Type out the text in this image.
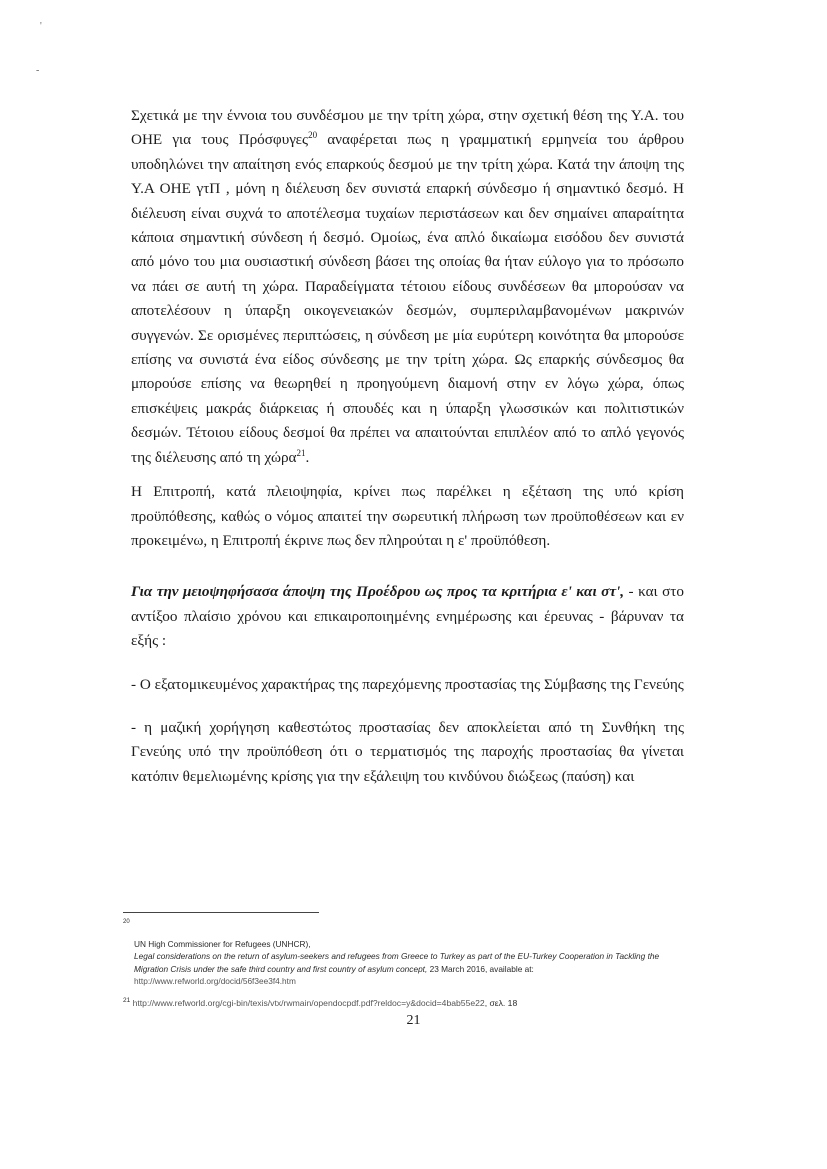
'
-

Σχετικά με την έννοια του συνδέσμου με την τρίτη χώρα, στην σχετική θέση της Υ.Α. του ΟΗΕ για τους Πρόσφυγες$^{20}$ αναφέρεται πως η γραμματική ερμηνεία του άρθρου υποδηλώνει την απαίτηση ενός επαρκούς δεσμού με την τρίτη χώρα. Κατά την άποψη της Υ.Α ΟΗΕ γτΠ , μόνη η διέλευση δεν συνιστά επαρκή σύνδεσμο ή σημαντικό δεσμό. Η διέλευση είναι συχνά το αποτέλεσμα τυχαίων περιστάσεων και δεν σημαίνει απαραίτητα κάποια σημαντική σύνδεση ή δεσμό. Ομοίως, ένα απλό δικαίωμα εισόδου δεν συνιστά από μόνο του μια ουσιαστική σύνδεση βάσει της οποίας θα ήταν εύλογο για το πρόσωπο να πάει σε αυτή τη χώρα. Παραδείγματα τέτοιου είδους συνδέσεων θα μπορούσαν να αποτελέσουν η ύπαρξη οικογενειακών δεσμών, συμπεριλαμβανομένων μακρινών συγγενών. Σε ορισμένες περιπτώσεις, η σύνδεση με μία ευρύτερη κοινότητα θα μπορούσε επίσης να συνιστά ένα είδος σύνδεσης με την τρίτη χώρα. Ως επαρκής σύνδεσμος θα μπορούσε επίσης να θεωρηθεί η προηγούμενη διαμονή στην εν λόγω χώρα, όπως επισκέψεις μακράς διάρκειας ή σπουδές και η ύπαρξη γλωσσικών και πολιτιστικών δεσμών. Τέτοιου είδους δεσμοί θα πρέπει να απαιτούνται επιπλέον από το απλό γεγονός της διέλευσης από τη χώρα$^{21}$.

Η Επιτροπή, κατά πλειοψηφία, κρίνει πως παρέλκει η εξέταση της υπό κρίση προϋπόθεσης, καθώς ο νόμος απαιτεί την σωρευτική πλήρωση των προϋποθέσεων και εν προκειμένω, η Επιτροπή έκρινε πως δεν πληρούται η ε' προϋπόθεση.

Για την μειοψηφήσασα άποψη της Προέδρου ως προς τα κριτήρια ε' και στ', - και στο αντίξοο πλαίσιο χρόνου και επικαιροποιημένης ενημέρωσης και έρευνας - βάρυναν τα εξής :

- Ο εξατομικευμένος χαρακτήρας της παρεχόμενης προστασίας της Σύμβασης της Γενεύης

- η μαζική χορήγηση καθεστώτος προστασίας δεν αποκλείεται από τη Συνθήκη της Γενεύης υπό την προϋπόθεση ότι ο τερματισμός της παροχής προστασίας θα γίνεται κατόπιν θεμελιωμένης κρίσης για την εξάλειψη του κινδύνου διώξεως (παύση) και

20
UN High Commissioner for Refugees (UNHCR),
Legal considerations on the return of asylum-seekers and refugees from Greece to Turkey as part of the EU-Turkey Cooperation in Tackling the Migration Crisis under the safe third country and first country of asylum concept, 23 March 2016, available at: http://www.refworld.org/docid/56f3ee3f4.htm
$^{21}$ http://www.refworld.org/cgi-bin/texis/vtx/rwmain/opendocpdf.pdf?reldoc=y&docid=4bab55e22, σελ. 18
21
